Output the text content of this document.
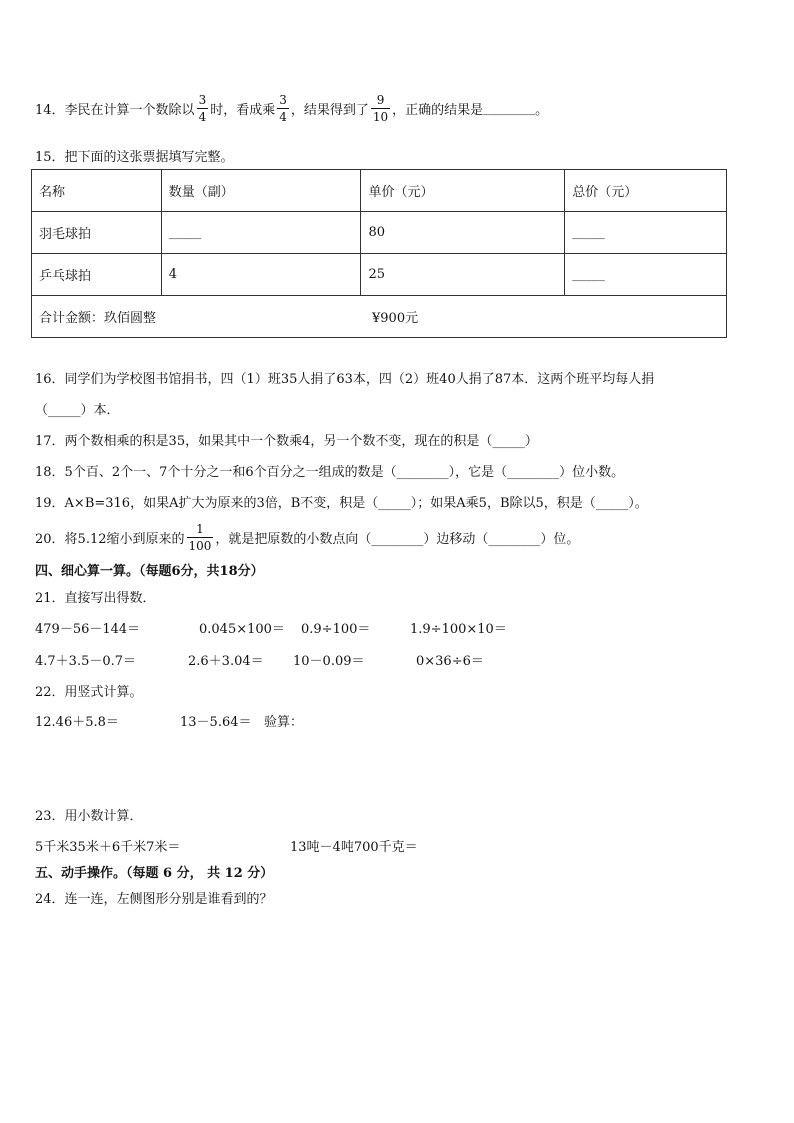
14． 李民在计算一个数除以 $\frac{3}{4}$ 时，看成乘 $\frac{3}{4}$ ，结果得到了 $\frac{9}{10}$ ，正确的结果是 ________ 。
15．把下面的这张票据填写完整。
名称	数量（副）	单价（元）	总价（元）
羽毛球拍	_____	80	_____
乒乓球拍	4	25	_____
合计金额：玖佰圆整 ¥900元			
16．同学们为学校图书馆捐书，四（1）班35人捐了63本，四（2）班40人捐了87本．这两个班平均每人捐
（_____）本．
17．两个数相乘的积是35，如果其中一个数乘4，另一个数不变，现在的积是（_____）
18．5个百、2个一、7个十分之一和6个百分之一组成的数是（________），它是（________）位小数。
19．A×B=316，如果A扩大为原来的3倍，B不变，积是（_____）；如果A乘5，B除以5，积是（_____）。
20．将5.12缩小到原来的 $\frac{1}{100}$ ，就是把原数的小数点向（________）边移动（________）位。
四、细心算一算。（每题6分，共18分）
21．直接写出得数．
479－56－144＝	0.045×100＝ 0.9÷100＝	1.9÷100×10＝
4.7＋3.5－0.7＝	2.6＋3.04＝ 10－0.09＝	0×36÷6＝
22．用竖式计算。
12.46＋5.8＝	13－5.64＝ 验算：
23．用小数计算．
5千米35米＋6千米7米＝	13吨－4吨700千克＝
五、动手操作。（每题 6 分， 共 12 分）
24．连一连，左侧图形分别是谁看到的？
